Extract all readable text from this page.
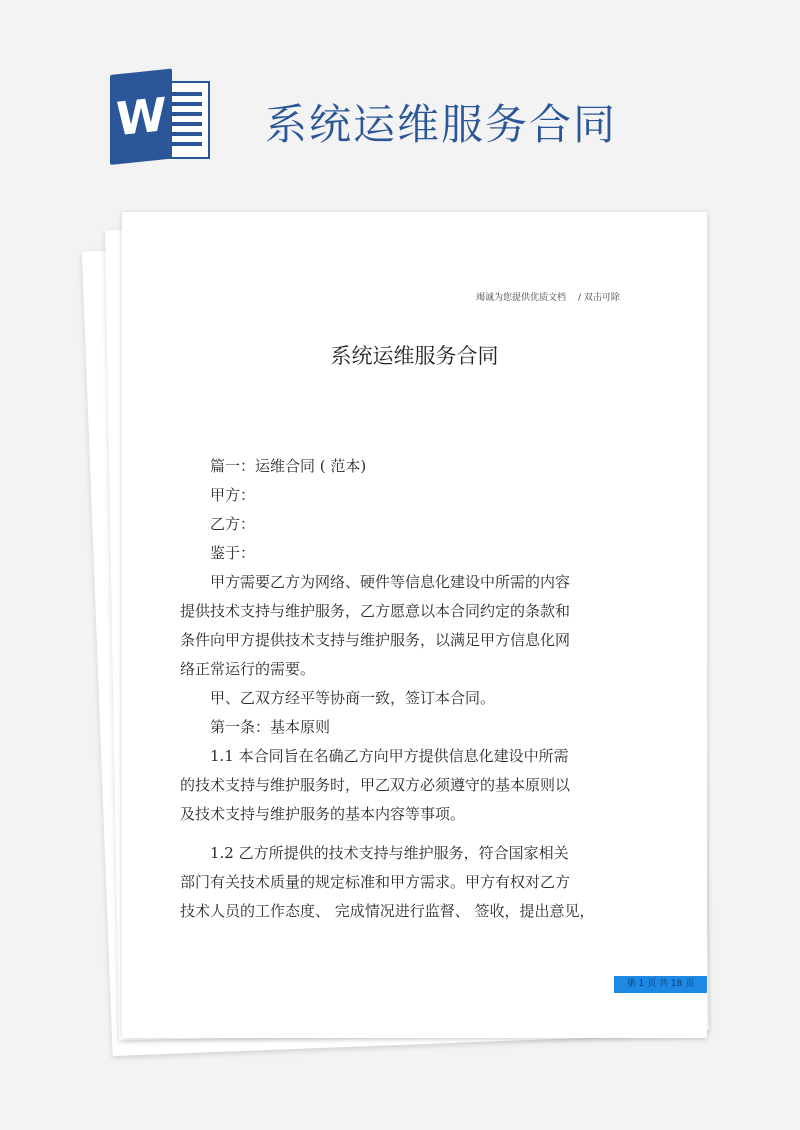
W 系统运维服务合同
竭诚为您提供优质文档 / 双击可除
系统运维服务合同
篇一：运维合同 ( 范本)
甲方：
乙方：
鉴于：
甲方需要乙方为网络、硬件等信息化建设中所需的内容
提供技术支持与维护服务，乙方愿意以本合同约定的条款和
条件向甲方提供技术支持与维护服务，以满足甲方信息化网
络正常运行的需要。
甲、乙双方经平等协商一致，签订本合同。
第一条：基本原则
1.1 本合同旨在名确乙方向甲方提供信息化建设中所需
的技术支持与维护服务时，甲乙双方必须遵守的基本原则以
及技术支持与维护服务的基本内容等事项。
1.2 乙方所提供的技术支持与维护服务，符合国家相关
部门有关技术质量的规定标准和甲方需求。甲方有权对乙方
技术人员的工作态度、 完成情况进行监督、 签收，提出意见，
第 1 页 共 18 页
